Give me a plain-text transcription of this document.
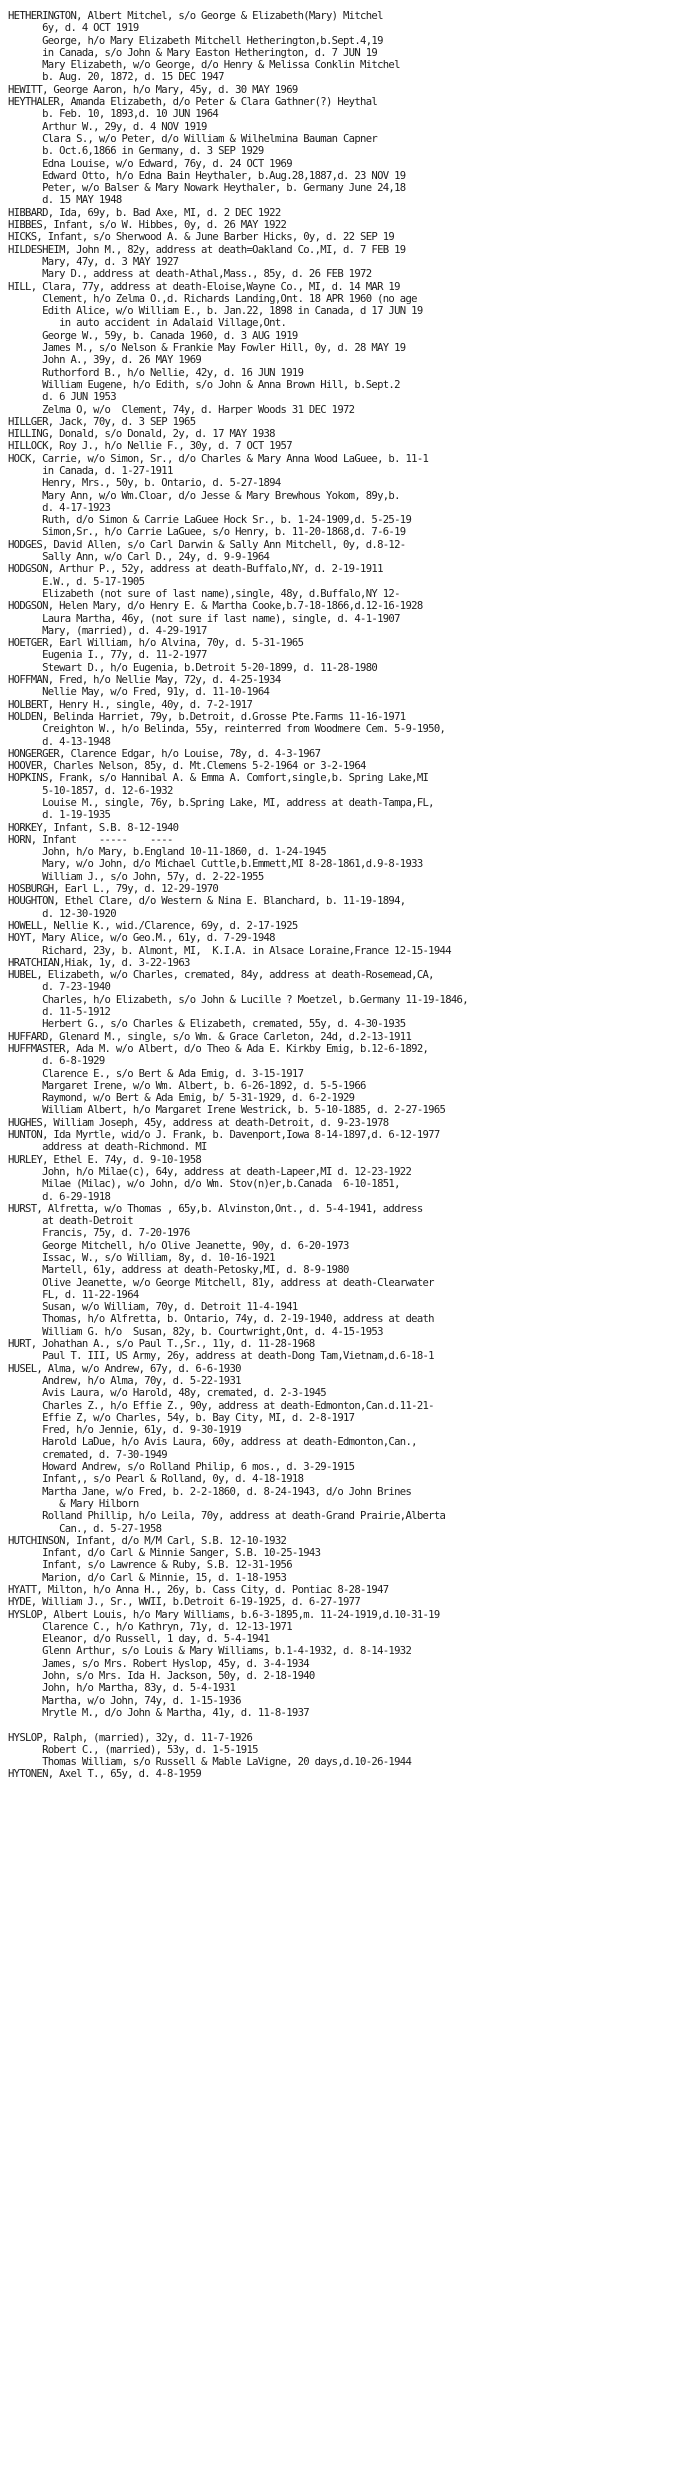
HETHERINGTON, Albert Mitchel, s/o George & Elizabeth(Mary) Mitchel
6y, d. 4 OCT 1919
George, h/o Mary Elizabeth Mitchell Hetherington,b.Sept.4,19
in Canada, s/o John & Mary Easton Hetherington, d. 7 JUN 19
Mary Elizabeth, w/o George, d/o Henry & Melissa Conklin Mitchel
b. Aug. 20, 1872, d. 15 DEC 1947
HEWITT, George Aaron, h/o Mary, 45y, d. 30 MAY 1969
HEYTHALER, Amanda Elizabeth, d/o Peter & Clara Gathner(?) Heythal
b. Feb. 10, 1893,d. 10 JUN 1964
Arthur W., 29y, d. 4 NOV 1919
Clara S., w/o Peter, d/o William & Wilhelmina Bauman Capner
b. Oct.6,1866 in Germany, d. 3 SEP 1929
Edna Louise, w/o Edward, 76y, d. 24 OCT 1969
Edward Otto, h/o Edna Bain Heythaler, b.Aug.28,1887,d. 23 NOV 19
Peter, w/o Balser & Mary Nowark Heythaler, b. Germany June 24,18
d. 15 MAY 1948
HIBBARD, Ida, 69y, b. Bad Axe, MI, d. 2 DEC 1922
HIBBES, Infant, s/o W. Hibbes, 0y, d. 26 MAY 1922
HICKS, Infant, s/o Sherwood A. & June Barber Hicks, 0y, d. 22 SEP 19
HILDESHEIM, John M., 82y, address at death=Oakland Co.,MI, d. 7 FEB 19
Mary, 47y, d. 3 MAY 1927
Mary D., address at death-Athal,Mass., 85y, d. 26 FEB 1972
HILL, Clara, 77y, address at death-Eloise,Wayne Co., MI, d. 14 MAR 19
Clement, h/o Zelma O.,d. Richards Landing,Ont. 18 APR 1960 (no age
Edith Alice, w/o William E., b. Jan.22, 1898 in Canada, d 17 JUN 19
in auto accident in Adalaid Village,Ont.
George W., 59y, b. Canada 1960, d. 3 AUG 1919
James M., s/o Nelson & Frankie May Fowler Hill, 0y, d. 28 MAY 19
John A., 39y, d. 26 MAY 1969
Ruthorford B., h/o Nellie, 42y, d. 16 JUN 1919
William Eugene, h/o Edith, s/o John & Anna Brown Hill, b.Sept.2
d. 6 JUN 1953
Zelma O, w/o  Clement, 74y, d. Harper Woods 31 DEC 1972
HILLGER, Jack, 70y, d. 3 SEP 1965
HILLING, Donald, s/o Donald, 2y, d. 17 MAY 1938
HILLOCK, Roy J., h/o Nellie F., 30y, d. 7 OCT 1957
HOCK, Carrie, w/o Simon, Sr., d/o Charles & Mary Anna Wood LaGuee, b. 11-1
in Canada, d. 1-27-1911
Henry, Mrs., 50y, b. Ontario, d. 5-27-1894
Mary Ann, w/o Wm.Cloar, d/o Jesse & Mary Brewhous Yokom, 89y,b.
d. 4-17-1923
Ruth, d/o Simon & Carrie LaGuee Hock Sr., b. 1-24-1909,d. 5-25-19
Simon,Sr., h/o Carrie LaGuee, s/o Henry, b. 11-20-1868,d. 7-6-19
HODGES, David Allen, s/o Carl Darwin & Sally Ann Mitchell, 0y, d.8-12-
Sally Ann, w/o Carl D., 24y, d. 9-9-1964
HODGSON, Arthur P., 52y, address at death-Buffalo,NY, d. 2-19-1911
E.W., d. 5-17-1905
Elizabeth (not sure of last name),single, 48y, d.Buffalo,NY 12-
HODGSON, Helen Mary, d/o Henry E. & Martha Cooke,b.7-18-1866,d.12-16-1928
Laura Martha, 46y, (not sure if last name), single, d. 4-1-1907
Mary, (married), d. 4-29-1917
HOETGER, Earl William, h/o Alvina, 70y, d. 5-31-1965
Eugenia I., 77y, d. 11-2-1977
Stewart D., h/o Eugenia, b.Detroit 5-20-1899, d. 11-28-1980
HOFFMAN, Fred, h/o Nellie May, 72y, d. 4-25-1934
Nellie May, w/o Fred, 91y, d. 11-10-1964
HOLBERT, Henry H., single, 40y, d. 7-2-1917
HOLDEN, Belinda Harriet, 79y, b.Detroit, d.Grosse Pte.Farms 11-16-1971
Creighton W., h/o Belinda, 55y, reinterred from Woodmere Cem. 5-9-1950,
d. 4-13-1948
HONGERGER, Clarence Edgar, h/o Louise, 78y, d. 4-3-1967
HOOVER, Charles Nelson, 85y, d. Mt.Clemens 5-2-1964 or 3-2-1964
HOPKINS, Frank, s/o Hannibal A. & Emma A. Comfort,single,b. Spring Lake,MI
5-10-1857, d. 12-6-1932
Louise M., single, 76y, b.Spring Lake, MI, address at death-Tampa,FL,
d. 1-19-1935
HORKEY, Infant, S.B. 8-12-1940
HORN, Infant    -----    ----
John, h/o Mary, b.England 10-11-1860, d. 1-24-1945
Mary, w/o John, d/o Michael Cuttle,b.Emmett,MI 8-28-1861,d.9-8-1933
William J., s/o John, 57y, d. 2-22-1955
HOSBURGH, Earl L., 79y, d. 12-29-1970
HOUGHTON, Ethel Clare, d/o Western & Nina E. Blanchard, b. 11-19-1894,
d. 12-30-1920
HOWELL, Nellie K., wid./Clarence, 69y, d. 2-17-1925
HOYT, Mary Alice, w/o Geo.M., 61y, d. 7-29-1948
Richard, 23y, b. Almont, MI,  K.I.A. in Alsace Loraine,France 12-15-1944
HRATCHIAN,Hiak, 1y, d. 3-22-1963
HUBEL, Elizabeth, w/o Charles, cremated, 84y, address at death-Rosemead,CA,
d. 7-23-1940
Charles, h/o Elizabeth, s/o John & Lucille ? Moetzel, b.Germany 11-19-1846,
d. 11-5-1912
Herbert G., s/o Charles & Elizabeth, cremated, 55y, d. 4-30-1935
HUFFARD, Glenard M., single, s/o Wm. & Grace Carleton, 24d, d.2-13-1911
HUFFMASTER, Ada M. w/o Albert, d/o Theo & Ada E. Kirkby Emig, b.12-6-1892,
d. 6-8-1929
Clarence E., s/o Bert & Ada Emig, d. 3-15-1917
Margaret Irene, w/o Wm. Albert, b. 6-26-1892, d. 5-5-1966
Raymond, w/o Bert & Ada Emig, b/ 5-31-1929, d. 6-2-1929
William Albert, h/o Margaret Irene Westrick, b. 5-10-1885, d. 2-27-1965
HUGHES, William Joseph, 45y, address at death-Detroit, d. 9-23-1978
HUNTON, Ida Myrtle, wid/o J. Frank, b. Davenport,Iowa 8-14-1897,d. 6-12-1977
address at death-Richmond. MI
HURLEY, Ethel E. 74y, d. 9-10-1958
John, h/o Milae(c), 64y, address at death-Lapeer,MI d. 12-23-1922
Milae (Milac), w/o John, d/o Wm. Stov(n)er,b.Canada  6-10-1851,
d. 6-29-1918
HURST, Alfretta, w/o Thomas , 65y,b. Alvinston,Ont., d. 5-4-1941, address
at death-Detroit
Francis, 75y, d. 7-20-1976
George Mitchell, h/o Olive Jeanette, 90y, d. 6-20-1973
Issac, W., s/o William, 8y, d. 10-16-1921
Martell, 61y, address at death-Petosky,MI, d. 8-9-1980
Olive Jeanette, w/o George Mitchell, 81y, address at death-Clearwater
FL, d. 11-22-1964
Susan, w/o William, 70y, d. Detroit 11-4-1941
Thomas, h/o Alfretta, b. Ontario, 74y, d. 2-19-1940, address at death
William G. h/o  Susan, 82y, b. Courtwright,Ont, d. 4-15-1953
HURT, Johathan A., s/o Paul T.,Sr., 11y, d. 11-28-1968
Paul T. III, US Army, 26y, address at death-Dong Tam,Vietnam,d.6-18-1
HUSEL, Alma, w/o Andrew, 67y, d. 6-6-1930
Andrew, h/o Alma, 70y, d. 5-22-1931
Avis Laura, w/o Harold, 48y, cremated, d. 2-3-1945
Charles Z., h/o Effie Z., 90y, address at death-Edmonton,Can.d.11-21-
Effie Z, w/o Charles, 54y, b. Bay City, MI, d. 2-8-1917
Fred, h/o Jennie, 61y, d. 9-30-1919
Harold LaDue, h/o Avis Laura, 60y, address at death-Edmonton,Can.,
cremated, d. 7-30-1949
Howard Andrew, s/o Rolland Philip, 6 mos., d. 3-29-1915
Infant,, s/o Pearl & Rolland, 0y, d. 4-18-1918
Martha Jane, w/o Fred, b. 2-2-1860, d. 8-24-1943, d/o John Brines
& Mary Hilborn
Rolland Phillip, h/o Leila, 70y, address at death-Grand Prairie,Alberta
Can., d. 5-27-1958
HUTCHINSON, Infant, d/o M/M Carl, S.B. 12-10-1932
Infant, d/o Carl & Minnie Sanger, S.B. 10-25-1943
Infant, s/o Lawrence & Ruby, S.B. 12-31-1956
Marion, d/o Carl & Minnie, 15, d. 1-18-1953
HYATT, Milton, h/o Anna H., 26y, b. Cass City, d. Pontiac 8-28-1947
HYDE, William J., Sr., WWII, b.Detroit 6-19-1925, d. 6-27-1977
HYSLOP, Albert Louis, h/o Mary Williams, b.6-3-1895,m. 11-24-1919,d.10-31-19
Clarence C., h/o Kathryn, 71y, d. 12-13-1971
Eleanor, d/o Russell, 1 day, d. 5-4-1941
Glenn Arthur, s/o Louis & Mary Williams, b.1-4-1932, d. 8-14-1932
James, s/o Mrs. Robert Hyslop, 45y, d. 3-4-1934
John, s/o Mrs. Ida H. Jackson, 50y, d. 2-18-1940
John, h/o Martha, 83y, d. 5-4-1931
Martha, w/o John, 74y, d. 1-15-1936
Mrytle M., d/o John & Martha, 41y, d. 11-8-1937
HYSLOP, Ralph, (married), 32y, d. 11-7-1926
Robert C., (married), 53y, d. 1-5-1915
Thomas William, s/o Russell & Mable LaVigne, 20 days,d.10-26-1944
HYTONEN, Axel T., 65y, d. 4-8-1959
